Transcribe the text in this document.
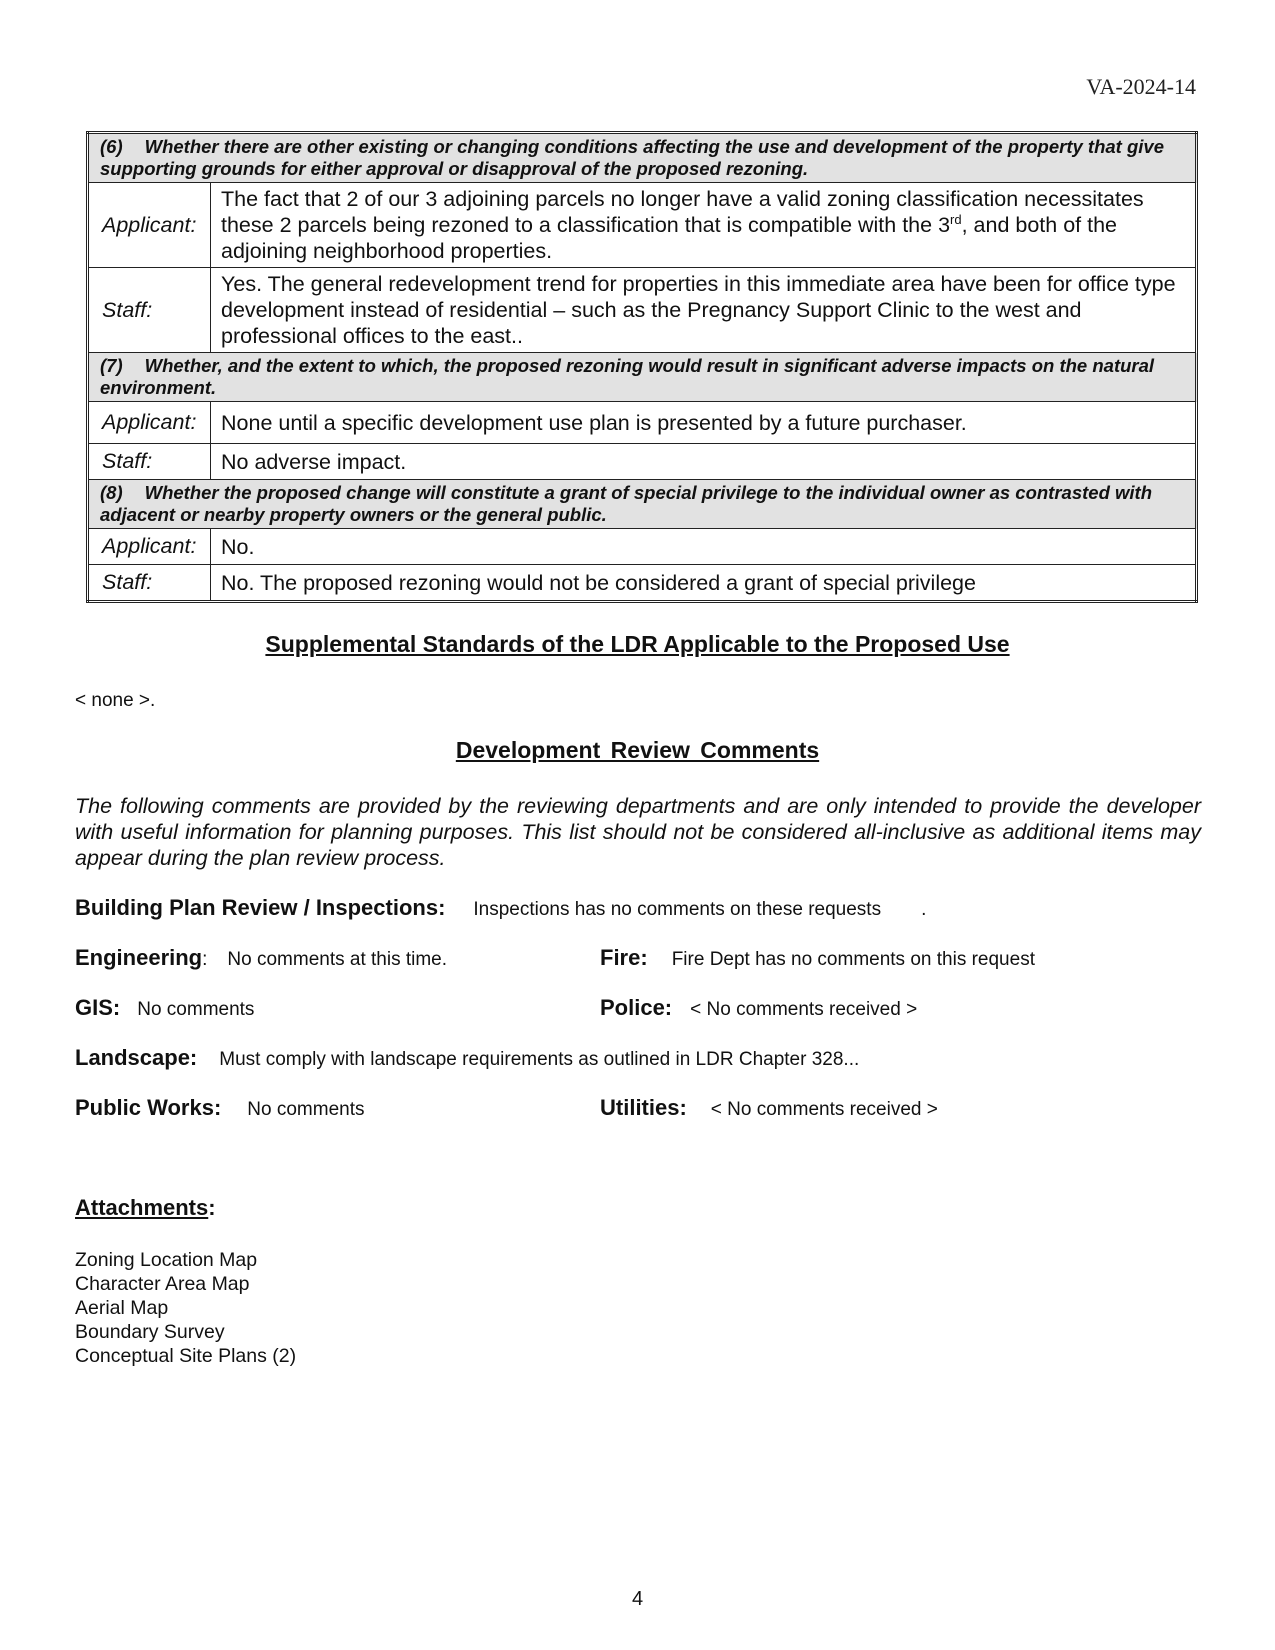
VA-2024-14
(6) Whether there are other existing or changing conditions affecting the use and development of the property that give supporting grounds for either approval or disapproval of the proposed rezoning.	
Applicant:	The fact that 2 of our 3 adjoining parcels no longer have a valid zoning classification necessitates these 2 parcels being rezoned to a classification that is compatible with the 3rd, and both of the adjoining neighborhood properties.
Staff:	Yes. The general redevelopment trend for properties in this immediate area have been for office type development instead of residential – such as the Pregnancy Support Clinic to the west and professional offices to the east..
(7) Whether, and the extent to which, the proposed rezoning would result in significant adverse impacts on the natural environment.	
Applicant:	None until a specific development use plan is presented by a future purchaser.
Staff:	No adverse impact.
(8) Whether the proposed change will constitute a grant of special privilege to the individual owner as contrasted with adjacent or nearby property owners or the general public.	
Applicant:	No.
Staff:	No. The proposed rezoning would not be considered a grant of special privilege
Supplemental Standards of the LDR Applicable to the Proposed Use
< none >.
Development Review Comments
The following comments are provided by the reviewing departments and are only intended to provide the developer with useful information for planning purposes. This list should not be considered all-inclusive as additional items may appear during the plan review process.
Building Plan Review / Inspections: Inspections has no comments on these requests .
Engineering: No comments at this time.	Fire: Fire Dept has no comments on this request
GIS: No comments	Police: < No comments received >
Landscape: Must comply with landscape requirements as outlined in LDR Chapter 328...
Public Works: No comments	Utilities: < No comments received >
Attachments:
Zoning Location Map
Character Area Map
Aerial Map
Boundary Survey
Conceptual Site Plans (2)
4
